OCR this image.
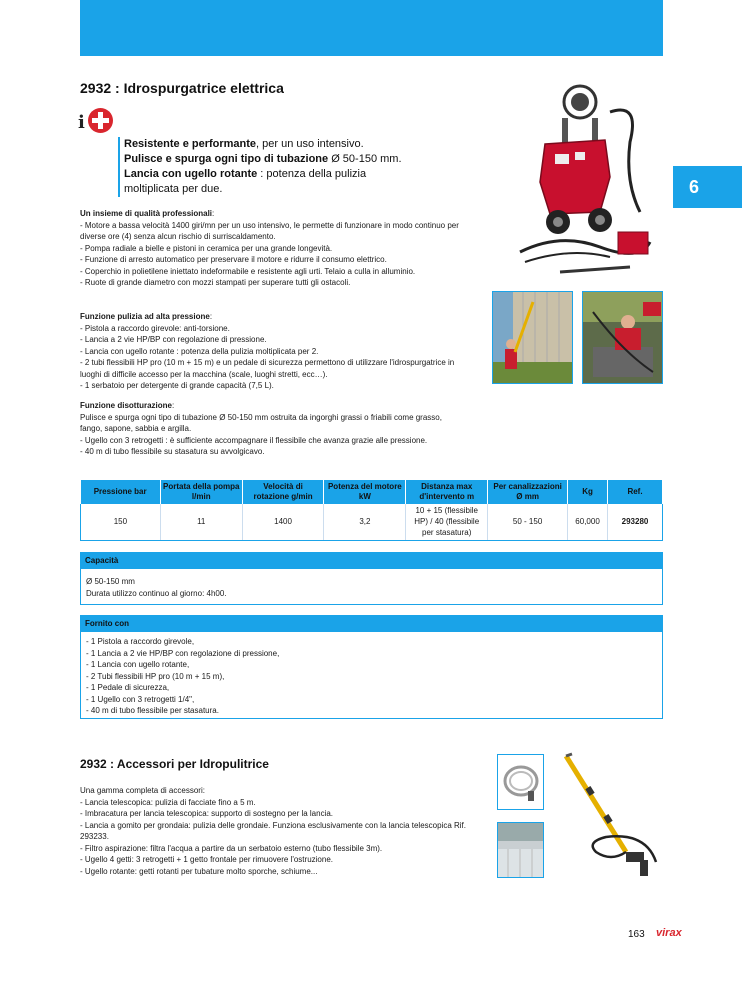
6
2932 : Idrospurgatrice elettrica
i
Resistente e performante, per un uso intensivo.
Pulisce e spurga ogni tipo di tubazione Ø 50-150 mm.
Lancia con ugello rotante : potenza della pulizia moltiplicata per due.
Un insieme di qualità professionali:
- Motore a bassa velocità 1400 giri/mn per un uso intensivo, le permette di funzionare in modo continuo per diverse ore (4) senza alcun rischio di surriscaldamento.
- Pompa radiale a bielle e pistoni in ceramica per una grande longevità.
- Funzione di arresto automatico per preservare il motore e ridurre il consumo elettrico.
- Coperchio in polietilene iniettato indeformabile e resistente agli urti. Telaio a culla in alluminio.
- Ruote di grande diametro con mozzi stampati per superare tutti gli ostacoli.
Funzione pulizia ad alta pressione:
- Pistola a raccordo girevole: anti-torsione.
- Lancia a 2 vie HP/BP con regolazione di pressione.
- Lancia con ugello rotante : potenza della pulizia moltiplicata per 2.
- 2 tubi flessibili HP pro (10 m + 15 m) e un pedale di sicurezza permettono di utilizzare l'idrospurgatrice in luoghi di difficile accesso per la macchina (scale, luoghi stretti, ecc…).
- 1 serbatoio per detergente di grande capacità (7,5 L).
Funzione disotturazione:
Pulisce e spurga ogni tipo di tubazione Ø 50-150 mm ostruita da ingorghi grassi o friabili come grasso, fango, sapone, sabbia e argilla.
- Ugello con 3 retrogetti : è sufficiente accompagnare il flessibile che avanza grazie alle pressione.
- 40 m di tubo flessibile su stasatura su avvolgicavo.
Pressione bar	Portata della pompa l/min	Velocità di rotazione g/min	Potenza del motore kW	Distanza max d'intervento m	Per canalizzazioni Ø mm	Kg	Ref.
150	11	1400	3,2	10 + 15 (flessibile HP) / 40 (flessibile per stasatura)	50 - 150	60,000	293280
Capacità
Ø 50-150 mm
Durata utilizzo continuo al giorno: 4h00.
Fornito con
- 1 Pistola a raccordo girevole,
- 1 Lancia a 2 vie HP/BP con regolazione di pressione,
- 1 Lancia con ugello rotante,
- 2 Tubi flessibili HP pro (10 m + 15 m),
- 1 Pedale di sicurezza,
- 1 Ugello con 3 retrogetti 1/4",
- 40 m di tubo flessibile per stasatura.
2932 : Accessori per Idropulitrice
Una gamma completa di accessori:
- Lancia telescopica: pulizia di facciate fino a 5 m.
- Imbracatura per lancia telescopica: supporto di sostegno per la lancia.
- Lancia a gomito per grondaia: pulizia delle grondaie. Funziona esclusivamente con la lancia telescopica Rif. 293233.
- Filtro aspirazione: filtra l'acqua a partire da un serbatoio esterno (tubo flessibile 3m).
- Ugello 4 getti: 3 retrogetti + 1 getto frontale per rimuovere l'ostruzione.
- Ugello rotante: getti rotanti per tubature molto sporche, schiume...
163 virax
